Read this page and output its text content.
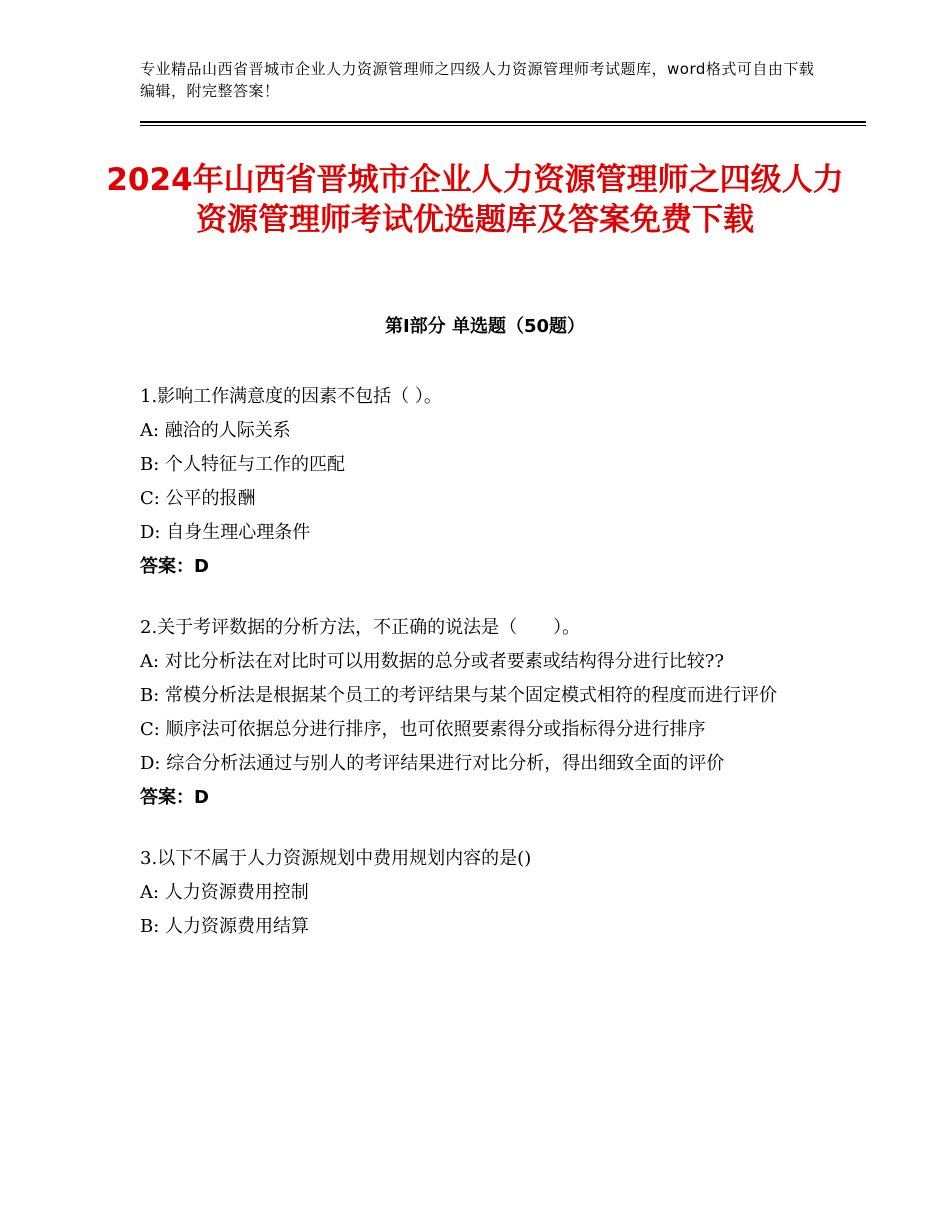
专业精品山西省晋城市企业人力资源管理师之四级人力资源管理师考试题库，word格式可自由下载编辑，附完整答案！
2024年山西省晋城市企业人力资源管理师之四级人力资源管理师考试优选题库及答案免费下载
第Ⅰ部分 单选题（50题）

1.影响工作满意度的因素不包括（ ）。

A: 融洽的人际关系

B: 个人特征与工作的匹配

C: 公平的报酬

D: 自身生理心理条件

答案：D

2.关于考评数据的分析方法，不正确的说法是（　　）。

A: 对比分析法在对比时可以用数据的总分或者要素或结构得分进行比较??

B: 常模分析法是根据某个员工的考评结果与某个固定模式相符的程度而进行评价

C: 顺序法可依据总分进行排序，也可依照要素得分或指标得分进行排序

D: 综合分析法通过与别人的考评结果进行对比分析，得出细致全面的评价

答案：D

3.以下不属于人力资源规划中费用规划内容的是()

A: 人力资源费用控制

B: 人力资源费用结算
